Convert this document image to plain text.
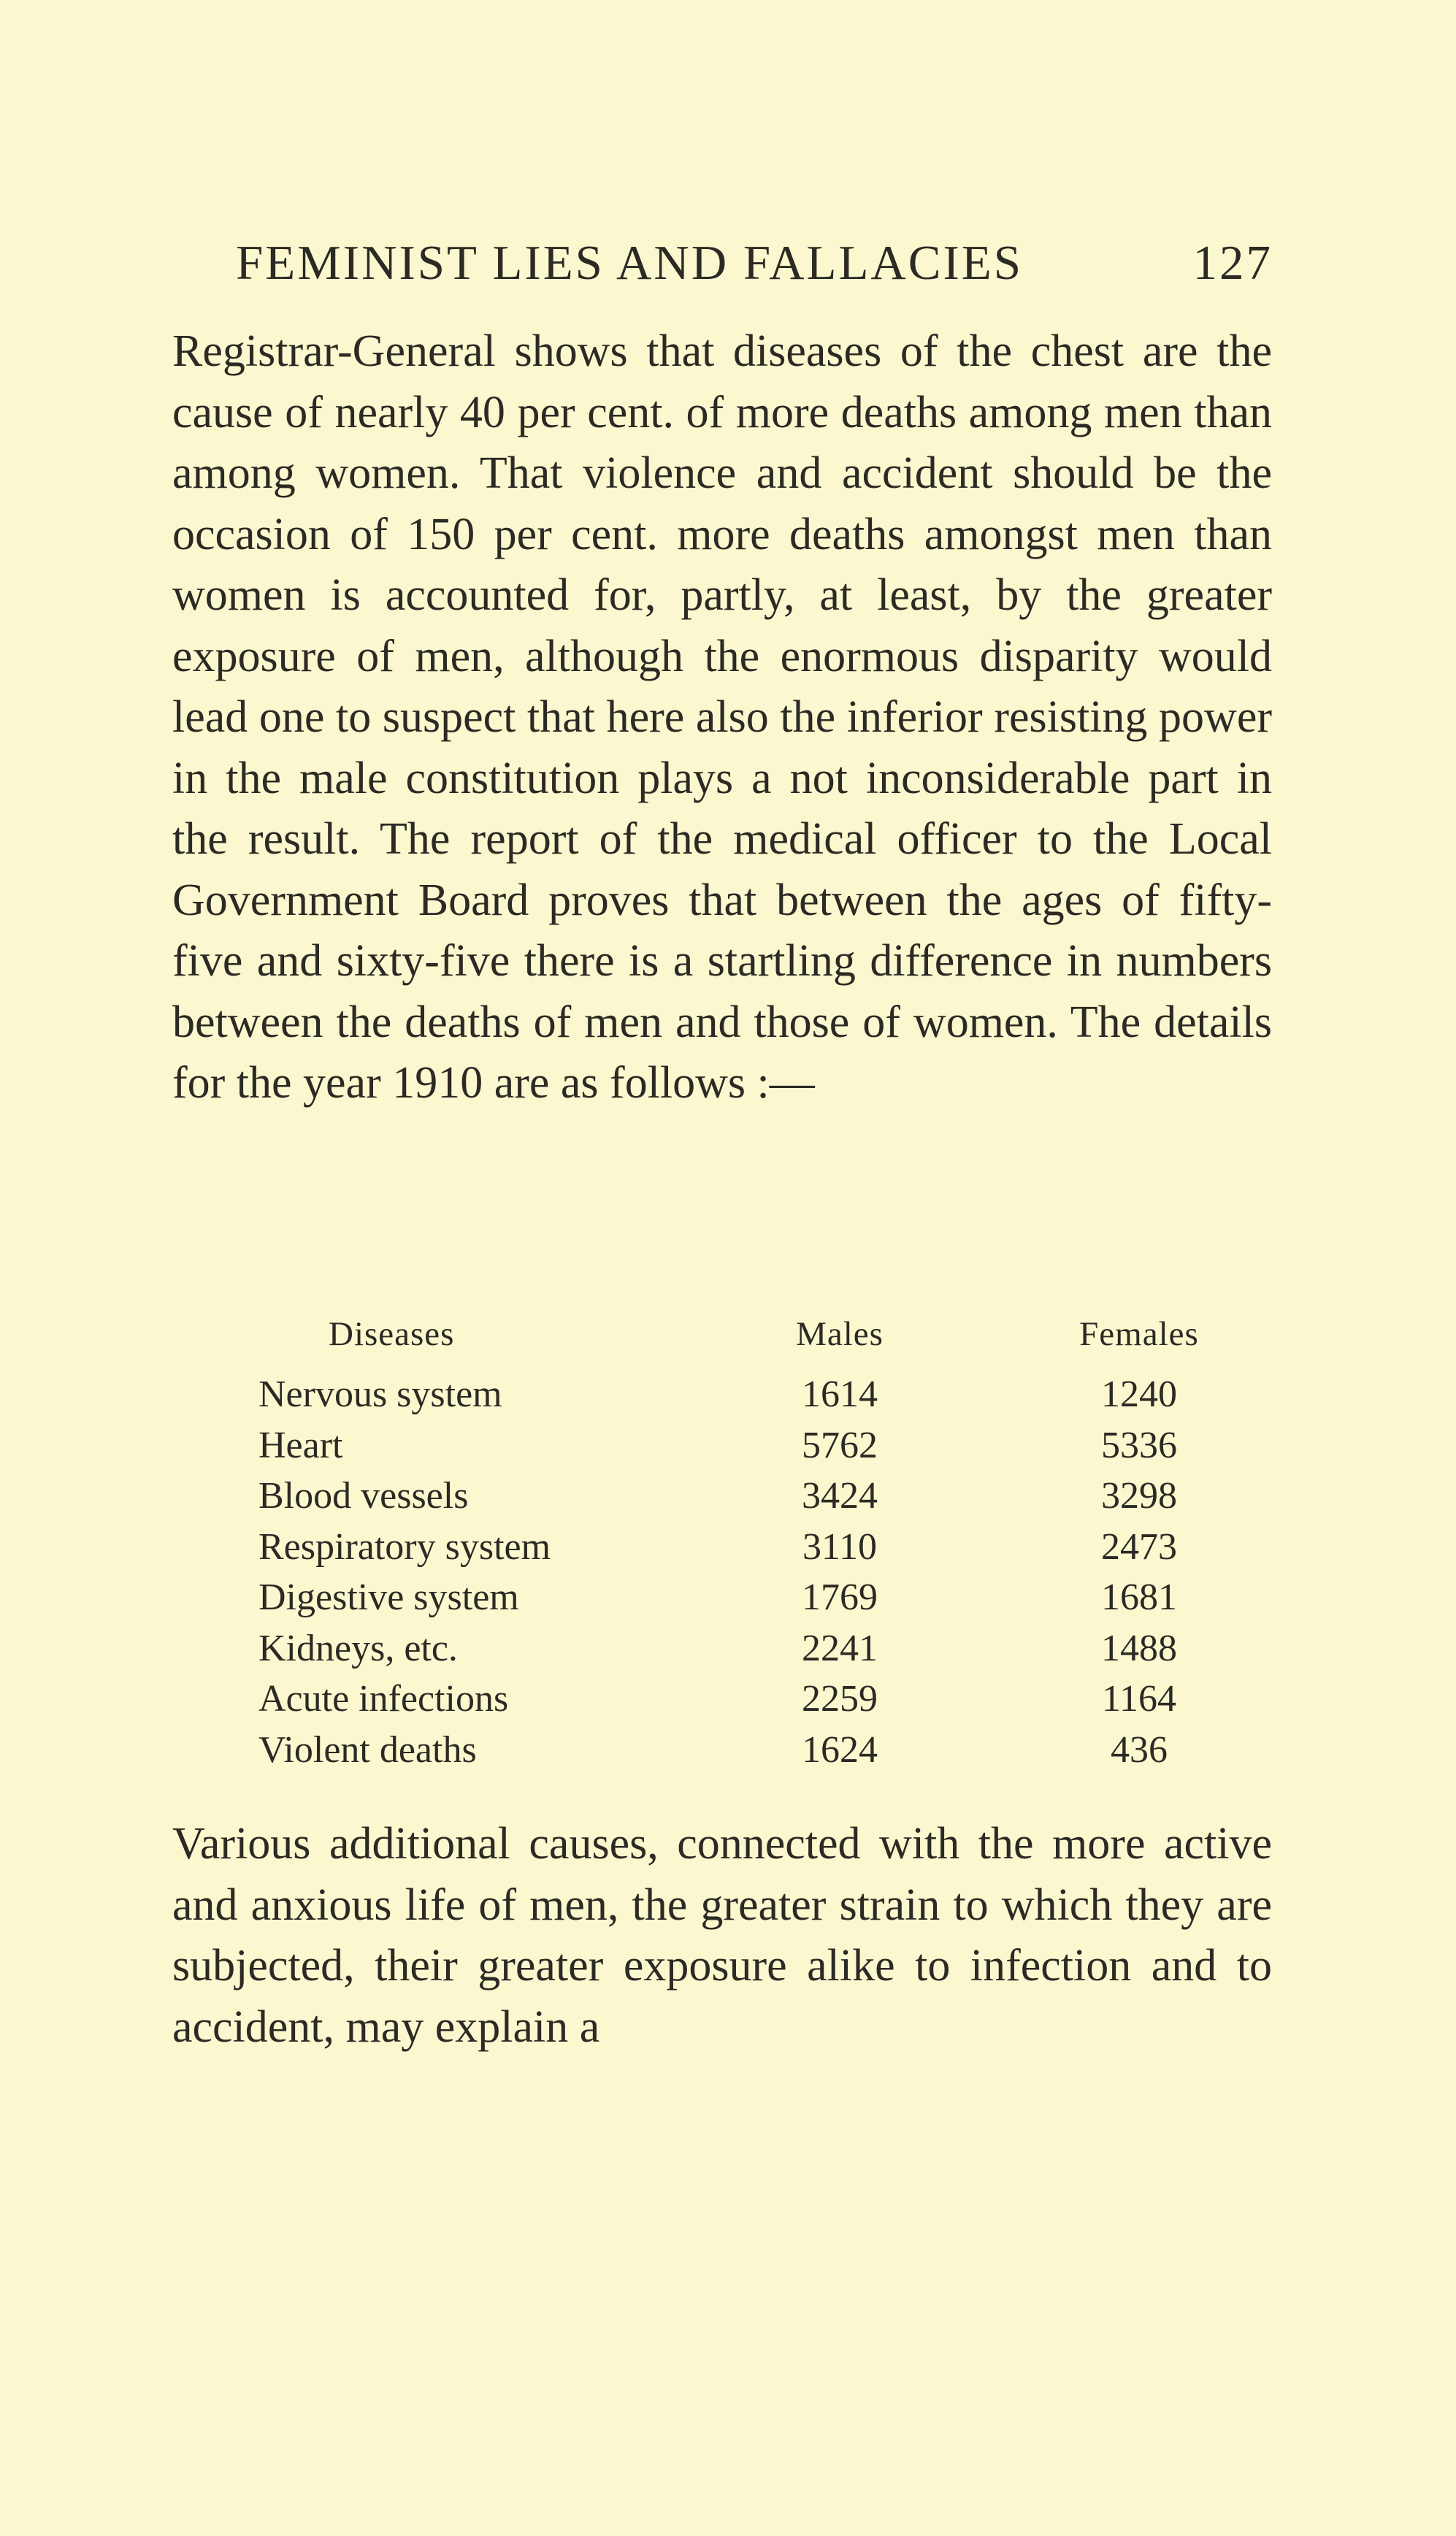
FEMINIST LIES AND FALLACIES	127

Registrar-General shows that diseases of the chest are the cause of nearly 40 per cent. of more deaths among men than among women. That violence and accident should be the occasion of 150 per cent. more deaths amongst men than women is accounted for, partly, at least, by the greater exposure of men, although the enormous disparity would lead one to suspect that here also the inferior resisting power in the male constitution plays a not inconsiderable part in the result. The report of the medical officer to the Local Government Board proves that between the ages of fifty-five and sixty-five there is a startling difference in numbers between the deaths of men and those of women. The details for the year 1910 are as follows :—

Diseases	Males	Females
Nervous system	1614	1240
Heart	5762	5336
Blood vessels	3424	3298
Respiratory system	3110	2473
Digestive system	1769	1681
Kidneys, etc.	2241	1488
Acute infections	2259	1164
Violent deaths	1624	436

Various additional causes, connected with the more active and anxious life of men, the greater strain to which they are subjected, their greater exposure alike to infection and to accident, may explain a
